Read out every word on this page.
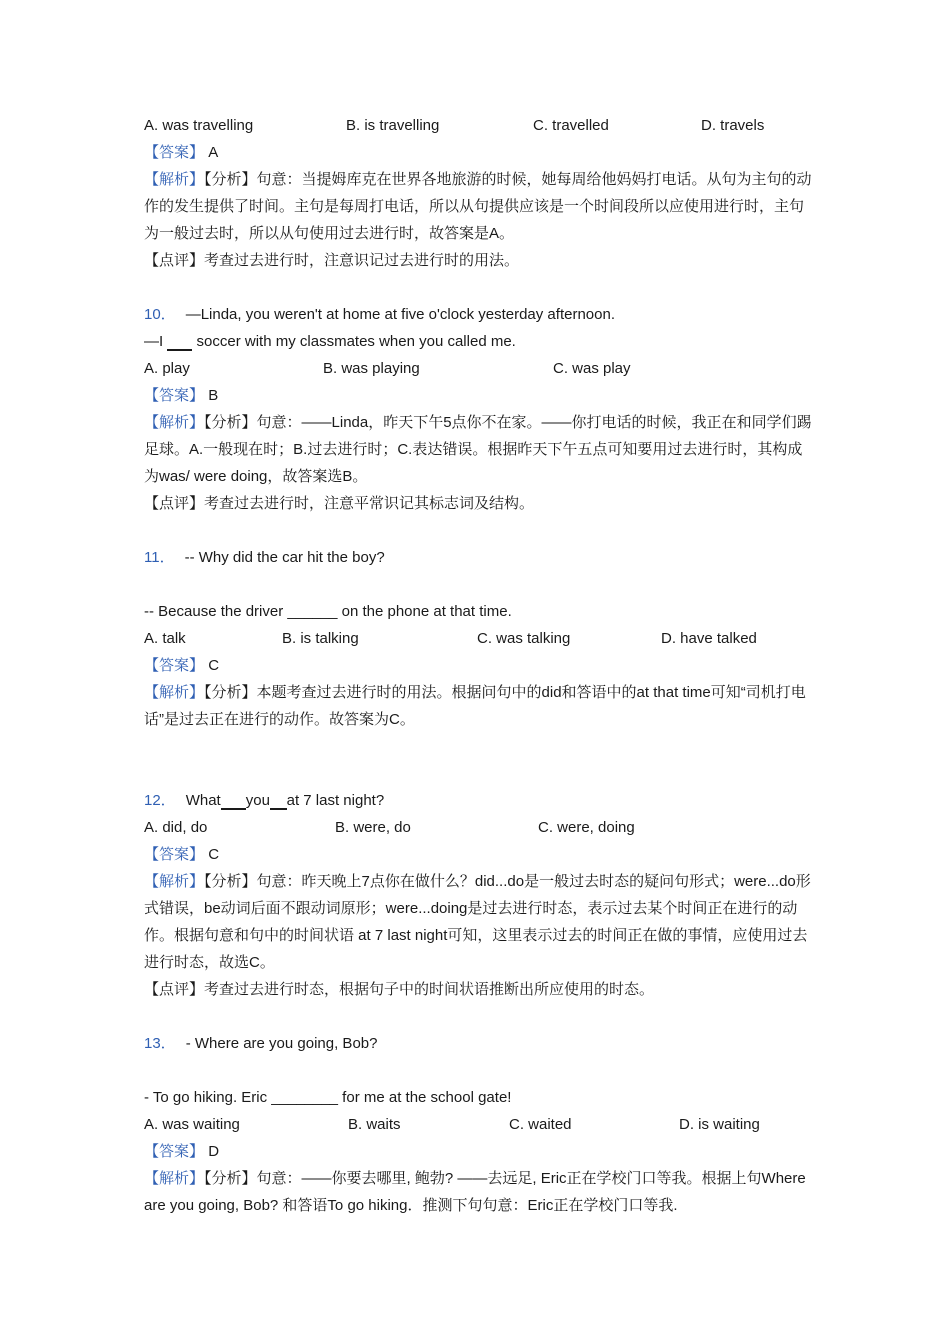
A. was travelling	B. is travelling	C. travelled	D. travels
【答案】 A
【解析】【分析】句意：当提姆库克在世界各地旅游的时候，她每周给他妈妈打电话。从句为主句的动作的发生提供了时间。主句是每周打电话，所以从句提供应该是一个时间段所以应使用进行时，主句为一般过去时，所以从句使用过去进行时，故答案是A。
【点评】考查过去进行时，注意识记过去进行时的用法。
10． —Linda, you weren't at home at five o'clock yesterday afternoon.
—I  soccer with my classmates when you called me.
A. play	B. was playing	C. was play
【答案】 B
【解析】【分析】句意：——Linda，昨天下午5点你不在家。——你打电话的时候，我正在和同学们踢足球。A.一般现在时；B.过去进行时；C.表达错误。根据昨天下午五点可知要用过去进行时，其构成为was/ were doing，故答案选B。
【点评】考查过去进行时，注意平常识记其标志词及结构。
11． -- Why did the car hit the boy?
-- Because the driver ______ on the phone at that time.
A. talk	B. is talking	C. was talking	D. have talked
【答案】 C
【解析】【分析】本题考查过去进行时的用法。根据问句中的did和答语中的at that time可知“司机打电话”是过去正在进行的动作。故答案为C。
12． What you at 7 last night?
A. did, do	B. were, do	C. were, doing
【答案】 C
【解析】【分析】句意：昨天晚上7点你在做什么？did...do是一般过去时态的疑问句形式；were...do形式错误，be动词后面不跟动词原形；were...doing是过去进行时态，表示过去某个时间正在进行的动作。根据句意和句中的时间状语 at 7 last night可知，这里表示过去的时间正在做的事情，应使用过去进行时态，故选C。
【点评】考查过去进行时态，根据句子中的时间状语推断出所应使用的时态。
13． - Where are you going, Bob?
- To go hiking. Eric ________ for me at the school gate!
A. was waiting	B. waits	C. waited	D. is waiting
【答案】 D
【解析】【分析】句意：——你要去哪里, 鲍勃? ——去远足, Eric正在学校门口等我。根据上句Where are you going, Bob? 和答语To go hiking．推测下句句意：Eric正在学校门口等我.
